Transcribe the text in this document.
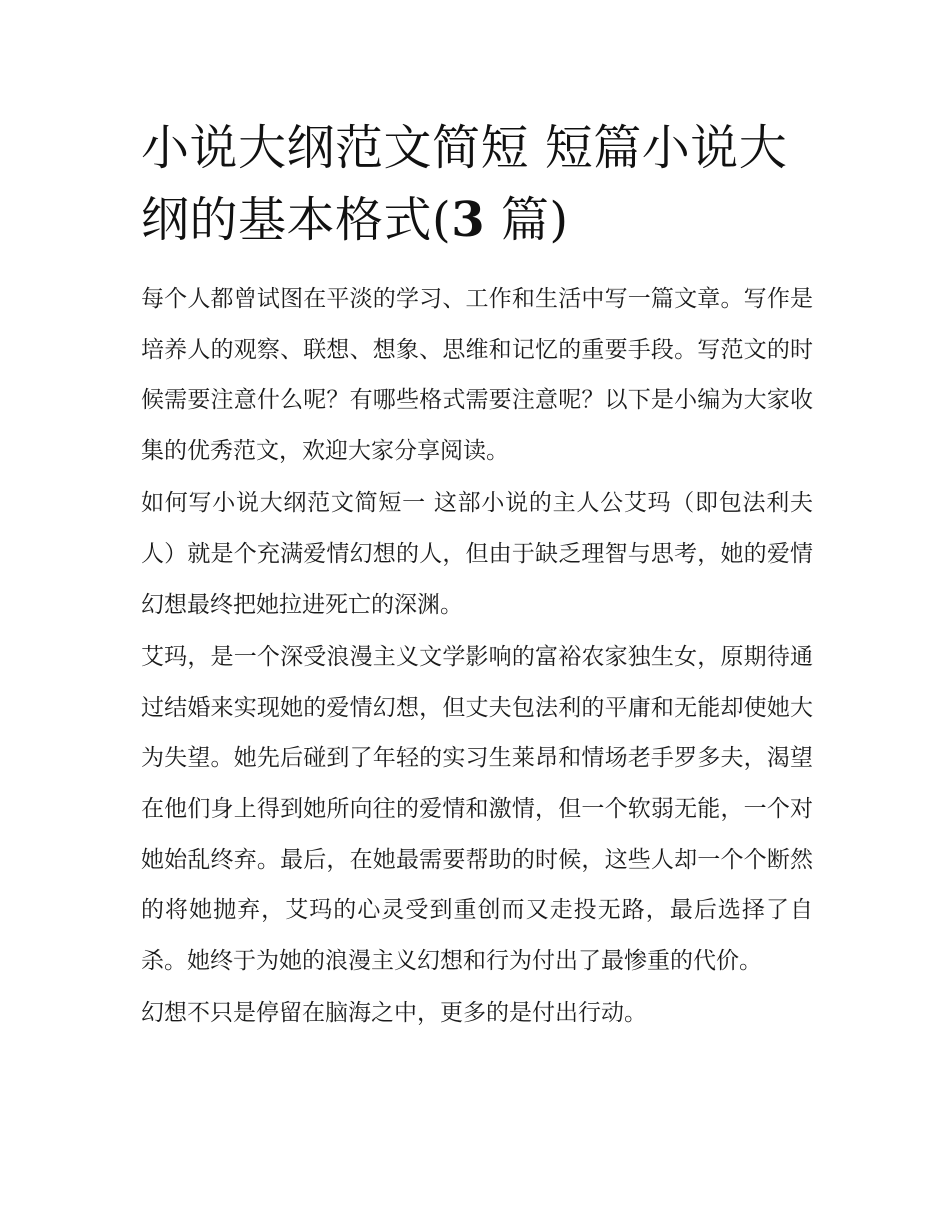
小说大纲范文简短 短篇小说大纲的基本格式(3 篇)

每个人都曾试图在平淡的学习、工作和生活中写一篇文章。写作是培养人的观察、联想、想象、思维和记忆的重要手段。写范文的时候需要注意什么呢？有哪些格式需要注意呢？以下是小编为大家收集的优秀范文，欢迎大家分享阅读。

如何写小说大纲范文简短一 这部小说的主人公艾玛（即包法利夫人）就是个充满爱情幻想的人，但由于缺乏理智与思考，她的爱情幻想最终把她拉进死亡的深渊。

艾玛，是一个深受浪漫主义文学影响的富裕农家独生女，原期待通过结婚来实现她的爱情幻想，但丈夫包法利的平庸和无能却使她大为失望。她先后碰到了年轻的实习生莱昂和情场老手罗多夫，渴望在他们身上得到她所向往的爱情和激情，但一个软弱无能，一个对她始乱终弃。最后，在她最需要帮助的时候，这些人却一个个断然的将她抛弃，艾玛的心灵受到重创而又走投无路，最后选择了自杀。她终于为她的浪漫主义幻想和行为付出了最惨重的代价。

幻想不只是停留在脑海之中，更多的是付出行动。
